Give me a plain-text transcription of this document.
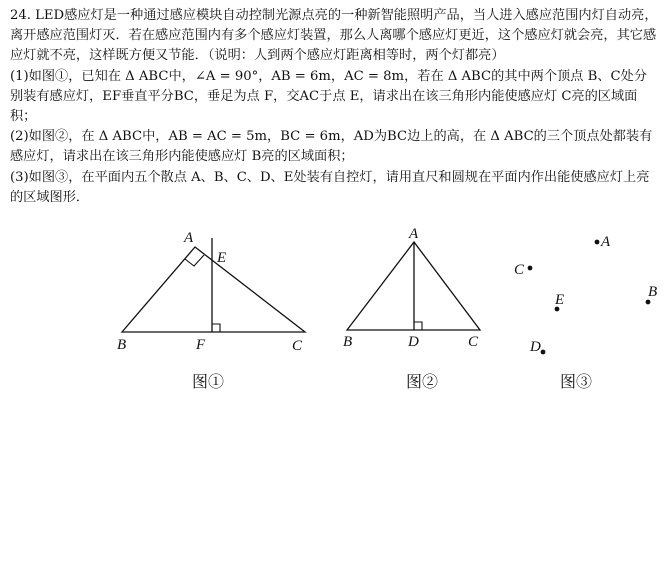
24. LED感应灯是一种通过感应模块自动控制光源点亮的一种新智能照明产品，当人进入感应范围内灯自动亮，离开感应范围灯灭．若在感应范围内有多个感应灯装置，那么人离哪个感应灯更近，这个感应灯就会亮，其它感应灯就不亮，这样既方便又节能．（说明：人到两个感应灯距离相等时，两个灯都亮）

(1)如图①，已知在 Δ ABC中，∠A = 90°，AB = 6m，AC = 8m，若在 Δ ABC的其中两个顶点 B、C处分别装有感应灯，EF垂直平分BC，垂足为点 F，交AC于点 E，请求出在该三角形内能使感应灯 C亮的区域面积；

(2)如图②，在 Δ ABC中，AB = AC = 5m，BC = 6m，AD为BC边上的高，在 Δ ABC的三个顶点处都装有感应灯，请求出在该三角形内能使感应灯 B亮的区域面积；

(3)如图③，在平面内五个散点 A、B、C、D、E处装有自控灯，请用直尺和圆规在平面内作出能使感应灯上亮的区域图形．

A
E
B	F	C
图①
A
B	D	C
图②
A
C
B
E
D
图③
